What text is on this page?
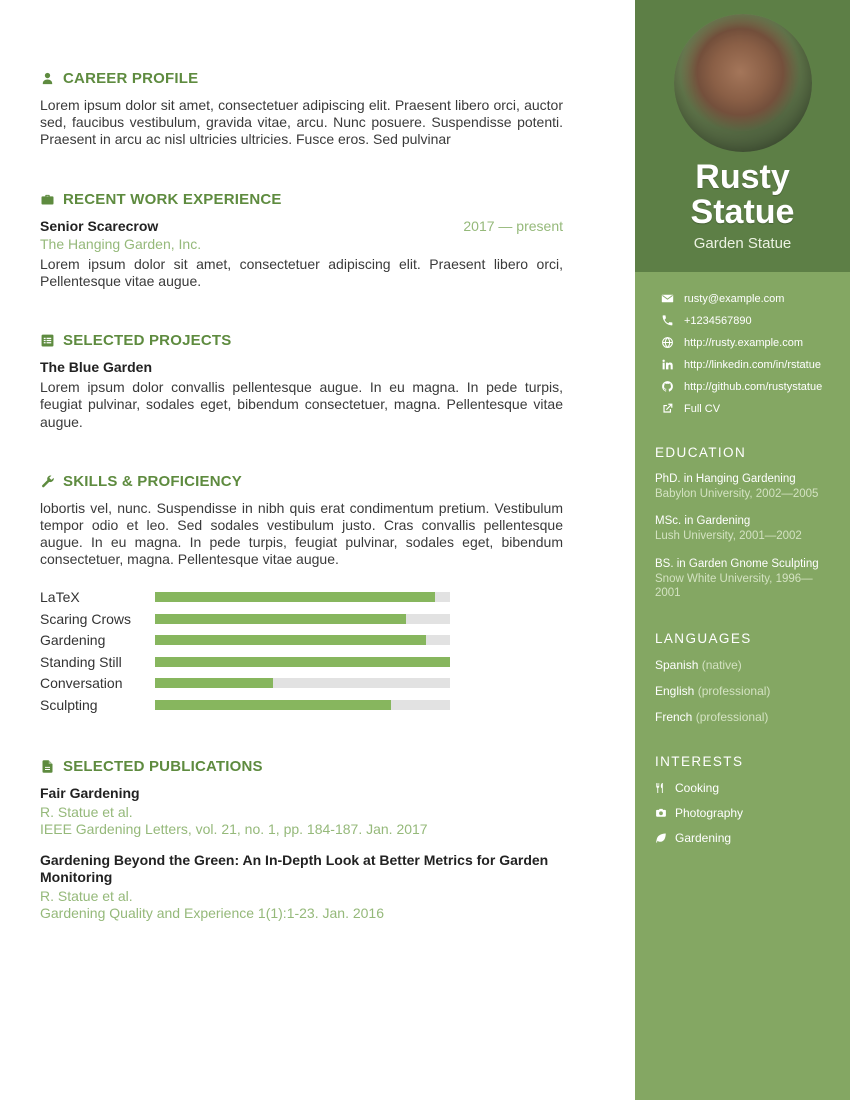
CAREER PROFILE

Lorem ipsum dolor sit amet, consectetuer adipiscing elit. Praesent libero orci, auctor sed, faucibus vestibulum, gravida vitae, arcu. Nunc posuere. Suspendisse potenti. Praesent in arcu ac nisl ultricies ultricies. Fusce eros. Sed pulvinar

RECENT WORK EXPERIENCE
Senior Scarecrow	2017 — present
The Hanging Garden, Inc.

Lorem ipsum dolor sit amet, consectetuer adipiscing elit. Praesent libero orci, Pellentesque vitae augue.

SELECTED PROJECTS
The Blue Garden

Lorem ipsum dolor convallis pellentesque augue. In eu magna. In pede turpis, feugiat pulvinar, sodales eget, bibendum consectetuer, magna. Pellentesque vitae augue.

SKILLS & PROFICIENCY

lobortis vel, nunc. Suspendisse in nibh quis erat condimentum pretium. Vestibulum tempor odio et leo. Sed sodales vestibulum justo. Cras convallis pellentesque augue. In eu magna. In pede turpis, feugiat pulvinar, sodales eget, bibendum consectetuer, magna. Pellentesque vitae augue.

LaTeX
Scaring Crows
Gardening
Standing Still
Conversation
Sculpting
SELECTED PUBLICATIONS
Fair Gardening
R. Statue et al.
IEEE Gardening Letters, vol. 21, no. 1, pp. 184-187. Jan. 2017
Gardening Beyond the Green: An In-Depth Look at Better Metrics for Garden Monitoring
R. Statue et al.
Gardening Quality and Experience 1(1):1-23. Jan. 2016
Rusty
Statue
Garden Statue
rusty@example.com
+1234567890
http://rusty.example.com
http://linkedin.com/in/rstatue
http://github.com/rustystatue
Full CV
EDUCATION
PhD. in Hanging Gardening
Babylon University, 2002—2005
MSc. in Gardening
Lush University, 2001—2002
BS. in Garden Gnome Sculpting
Snow White University, 1996—2001
LANGUAGES
Spanish (native)
English (professional)
French (professional)
INTERESTS
Cooking
Photography
Gardening
